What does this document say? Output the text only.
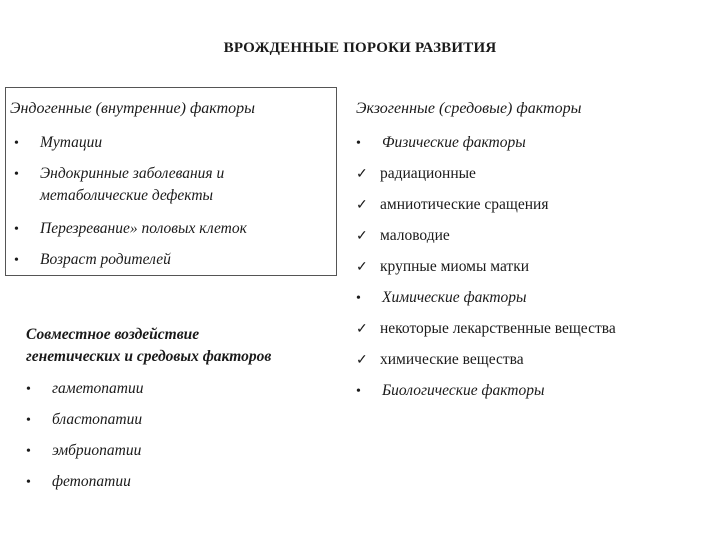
ВРОЖДЕННЫЕ ПОРОКИ РАЗВИТИЯ
Эндогенные (внутренние) факторы
• Мутации
• Эндокринные заболевания и
метаболические дефекты
• Перезревание» половых клеток
• Возраст родителей
Экзогенные (средовые) факторы
• Физические факторы
✓ радиационные
✓ амниотические сращения
✓ маловодие
✓ крупные миомы матки
• Химические факторы
✓ некоторые лекарственные вещества
✓ химические вещества
• Биологические факторы
Совместное воздействие
генетических и средовых факторов
• гаметопатии
• бластопатии
• эмбриопатии
• фетопатии
